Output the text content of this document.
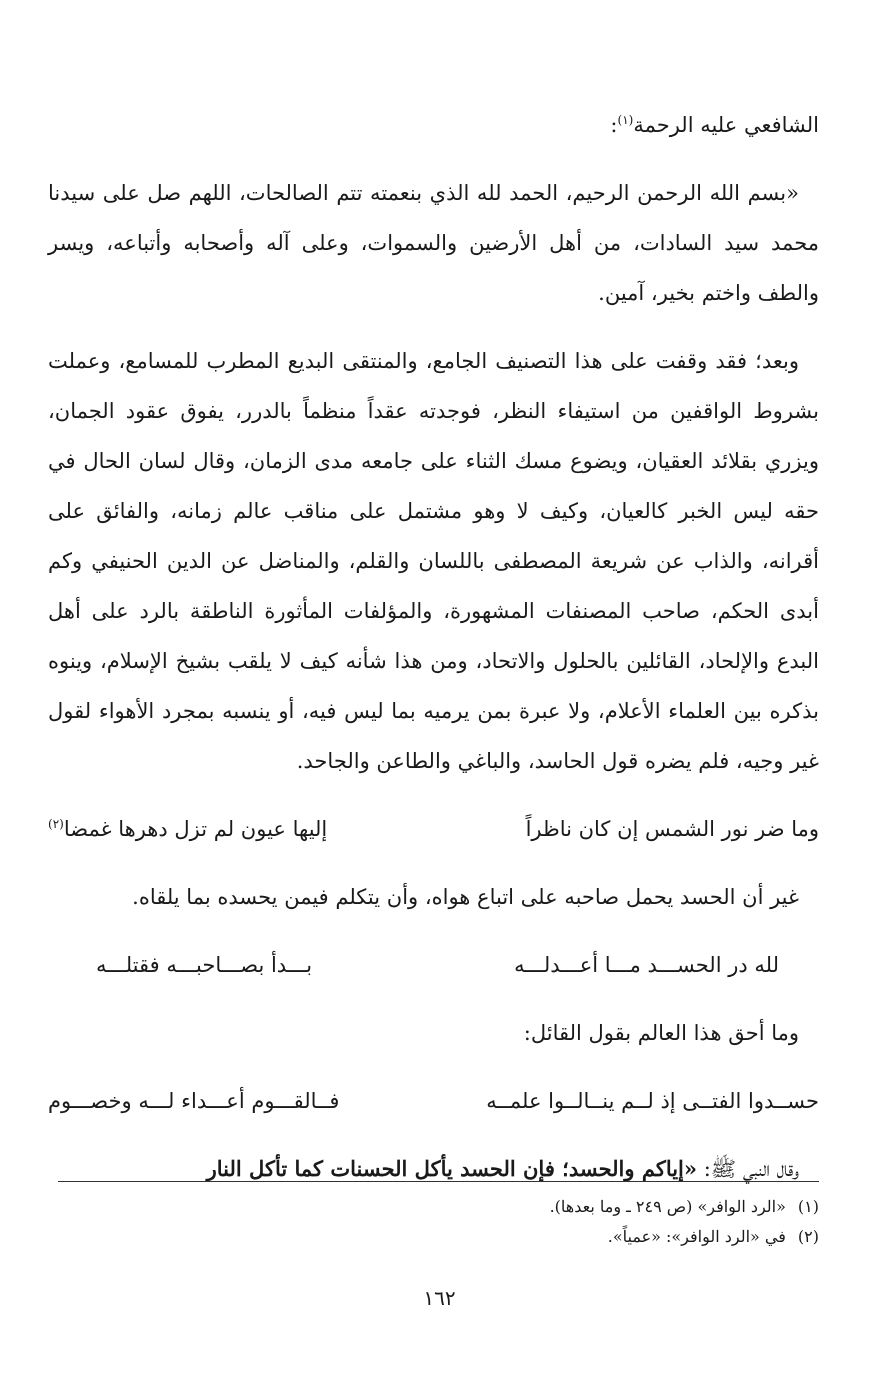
الشافعي عليه الرحمة$^{(١)}$:

«بسم الله الرحمن الرحيم، الحمد لله الذي بنعمته تتم الصالحات، اللهم صل على سيدنا محمد سيد السادات، من أهل الأرضين والسموات، وعلى آله وأصحابه وأتباعه، ويسر والطف واختم بخير، آمين.

وبعد؛ فقد وقفت على هذا التصنيف الجامع، والمنتقى البديع المطرب للمسامع، وعملت بشروط الواقفين من استيفاء النظر، فوجدته عقداً منظماً بالدرر، يفوق عقود الجمان، ويزري بقلائد العقيان، ويضوع مسك الثناء على جامعه مدى الزمان، وقال لسان الحال في حقه ليس الخبر كالعيان، وكيف لا وهو مشتمل على مناقب عالم زمانه، والفائق على أقرانه، والذاب عن شريعة المصطفى باللسان والقلم، والمناضل عن الدين الحنيفي وكم أبدى الحكم، صاحب المصنفات المشهورة، والمؤلفات المأثورة الناطقة بالرد على أهل البدع والإلحاد، القائلين بالحلول والاتحاد، ومن هذا شأنه كيف لا يلقب بشيخ الإسلام، وينوه بذكره بين العلماء الأعلام، ولا عبرة بمن يرميه بما ليس فيه، أو ينسبه بمجرد الأهواء لقول غير وجيه، فلم يضره قول الحاسد، والباغي والطاعن والجاحد.

وما ضر نور الشمس إن كان ناظراً
إليها عيون لم تزل دهرها غمضا$^{(٢)}$

غير أن الحسد يحمل صاحبه على اتباع هواه، وأن يتكلم فيمن يحسده بما يلقاه.

لله در الحســـد مـــا أعـــدلـــه
بـــدأ بصـــاحبـــه فقتلـــه

وما أحق هذا العالم بقول القائل:

حســدوا الفتــى إذ لــم ينــالــوا علمــه
فــالقـــوم أعـــداء لـــه وخصـــوم

وقال النبي ﷺ: «إياكم والحسد؛ فإن الحسد يأكل الحسنات كما تأكل النار

(١)«الرد الوافر» (ص ٢٤٩ ـ وما بعدها).

(٢)في «الرد الوافر»: «عمياً».

١٦٢
